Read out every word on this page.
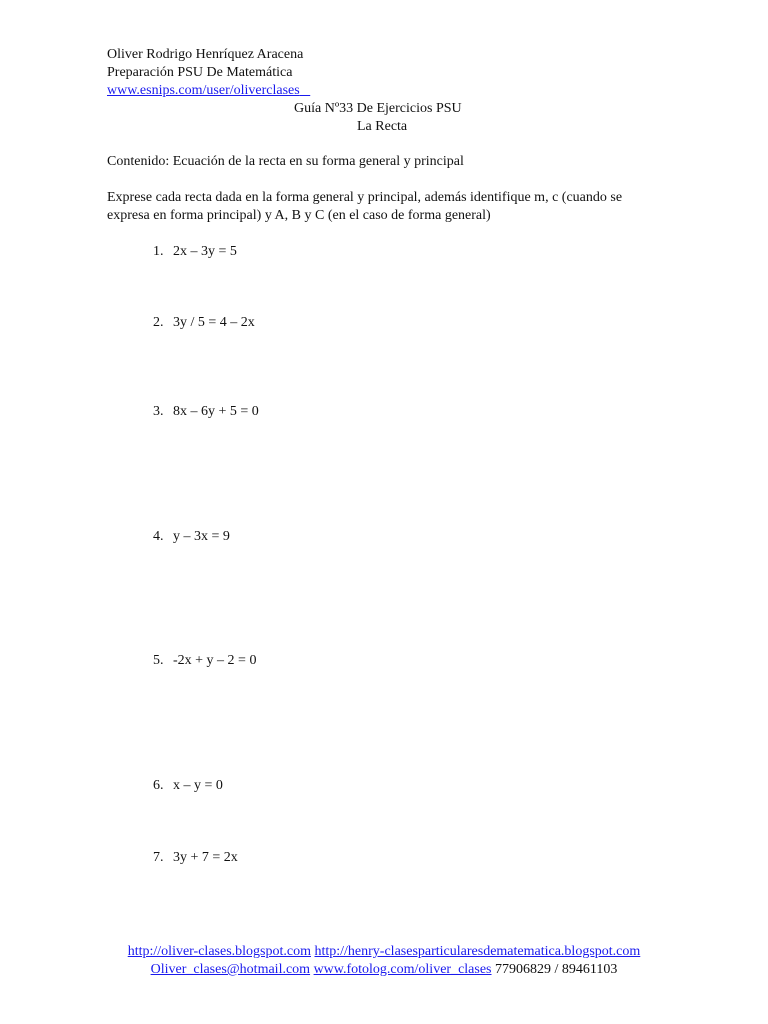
Oliver Rodrigo Henríquez Aracena
Preparación PSU De Matemática
www.esnips.com/user/oliverclases
Guía Nº33 De Ejercicios PSU
La Recta
Contenido: Ecuación de la recta en su forma general y principal
Exprese cada recta dada en la forma general y principal, además identifique m, c (cuando se
expresa en forma principal) y A, B y C (en el caso de forma general)
1. 2x – 3y = 5
2. 3y / 5 = 4 – 2x
3. 8x – 6y + 5 = 0
4. y – 3x = 9
5. -2x + y – 2 = 0
6. x – y = 0
7. 3y + 7 = 2x
http://oliver-clases.blogspot.com http://henry-clasesparticularesdematematica.blogspot.com
Oliver_clases@hotmail.com www.fotolog.com/oliver_clases 77906829 / 89461103
